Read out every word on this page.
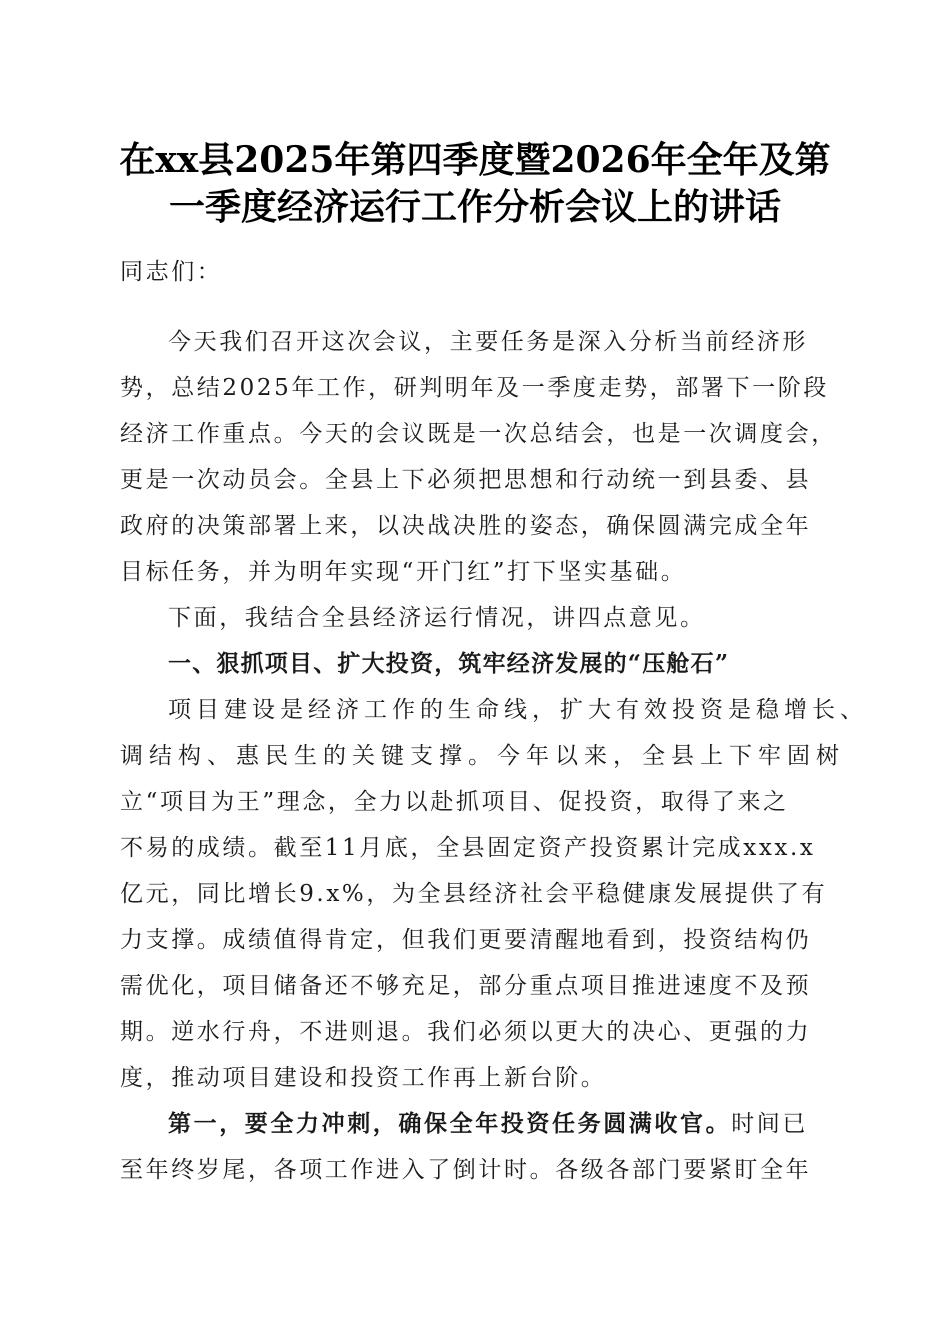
在xx县2025年第四季度暨2026年全年及第
一季度经济运行工作分析会议上的讲话
同志们：
今天我们召开这次会议，主要任务是深入分析当前经济形
势，总结2025年工作，研判明年及一季度走势，部署下一阶段
经济工作重点。今天的会议既是一次总结会，也是一次调度会，
更是一次动员会。全县上下必须把思想和行动统一到县委、县
政府的决策部署上来，以决战决胜的姿态，确保圆满完成全年
目标任务，并为明年实现“开门红”打下坚实基础。
下面，我结合全县经济运行情况，讲四点意见。
一、狠抓项目、扩大投资，筑牢经济发展的“压舱石”
项目建设是经济工作的生命线，扩大有效投资是稳增长、
调结构、惠民生的关键支撑。今年以来，全县上下牢固树
立“项目为王”理念，全力以赴抓项目、促投资，取得了来之
不易的成绩。截至11月底，全县固定资产投资累计完成xxx.x
亿元，同比增长9.x%，为全县经济社会平稳健康发展提供了有
力支撑。成绩值得肯定，但我们更要清醒地看到，投资结构仍
需优化，项目储备还不够充足，部分重点项目推进速度不及预
期。逆水行舟，不进则退。我们必须以更大的决心、更强的力
度，推动项目建设和投资工作再上新台阶。
第一，要全力冲刺，确保全年投资任务圆满收官。时间已
至年终岁尾，各项工作进入了倒计时。各级各部门要紧盯全年
